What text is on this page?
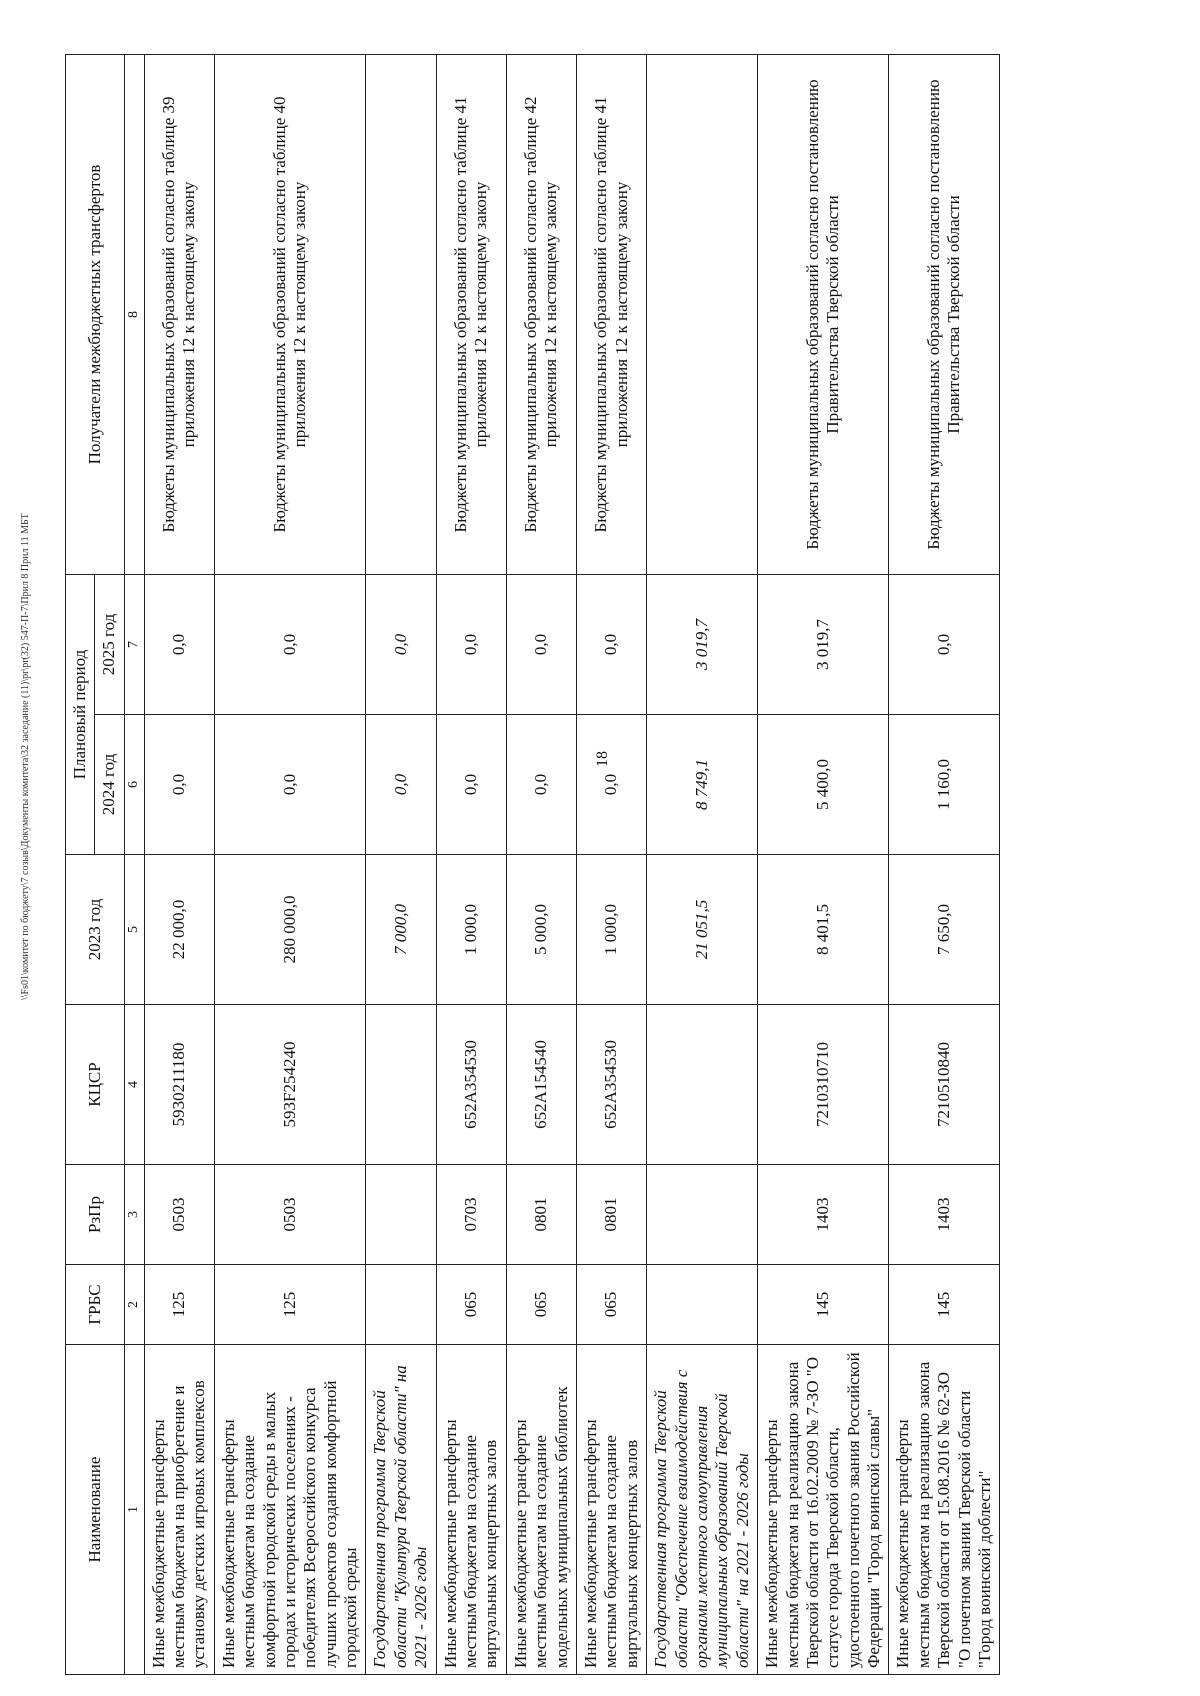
Наименование	ГРБС	РзПр	КЦСР	2023 год	Плановый период		Получатели межбюджетных трансфертов
					2024 год	2025 год	
1	2	3	4	5	6	7	8
Иные межбюджетные трансферты местным бюджетам на приобретение и установку детских игровых комплексов	125	0503	5930211180	22 000,0	0,0	0,0	Бюджеты муниципальных образований согласно таблице 39 приложения 12 к настоящему закону
Иные межбюджетные трансферты местным бюджетам на создание комфортной городской среды в малых городах и исторических поселениях - победителях Всероссийского конкурса лучших проектов создания комфортной городской среды	125	0503	593F254240	280 000,0	0,0	0,0	Бюджеты муниципальных образований согласно таблице 40 приложения 12 к настоящему закону
Государственная программа Тверской области "Культура Тверской области" на 2021 - 2026 годы				7 000,0	0,0	0,0	
Иные межбюджетные трансферты местным бюджетам на создание виртуальных концертных залов	065	0703	652A354530	1 000,0	0,0	0,0	Бюджеты муниципальных образований согласно таблице 41 приложения 12 к настоящему закону
Иные межбюджетные трансферты местным бюджетам на создание модельных муниципальных библиотек	065	0801	652A154540	5 000,0	0,0	0,0	Бюджеты муниципальных образований согласно таблице 42 приложения 12 к настоящему закону
Иные межбюджетные трансферты местным бюджетам на создание виртуальных концертных залов	065	0801	652A354530	1 000,0	0,0	0,0	Бюджеты муниципальных образований согласно таблице 41 приложения 12 к настоящему закону
Государственная программа Тверской области "Обеспечение взаимодействия с органами местного самоуправления муниципальных образований Тверской области" на 2021 - 2026 годы				21 051,5	8 749,1	3 019,7	
Иные межбюджетные трансферты местным бюджетам на реализацию закона Тверской области от 16.02.2009 № 7-ЗО "О статусе города Тверской области, удостоенного почетного звания Российской Федерации "Город воинской славы"	145	1403	7210310710	8 401,5	5 400,0	3 019,7	Бюджеты муниципальных образований согласно постановлению Правительства Тверской области
Иные межбюджетные трансферты местным бюджетам на реализацию закона Тверской области от 15.08.2016 № 62-ЗО "О почетном звании Тверской области "Город воинской доблести"	145	1403	7210510840	7 650,0	1 160,0	0,0	Бюджеты муниципальных образований согласно постановлению Правительства Тверской области
18
\\Fs01\комитет по бюджету\7 созыв\Документы комитета\32 заседание (11)\pr\pr(32) 547-П-7\Прил 8 Прил 11 МБТ
